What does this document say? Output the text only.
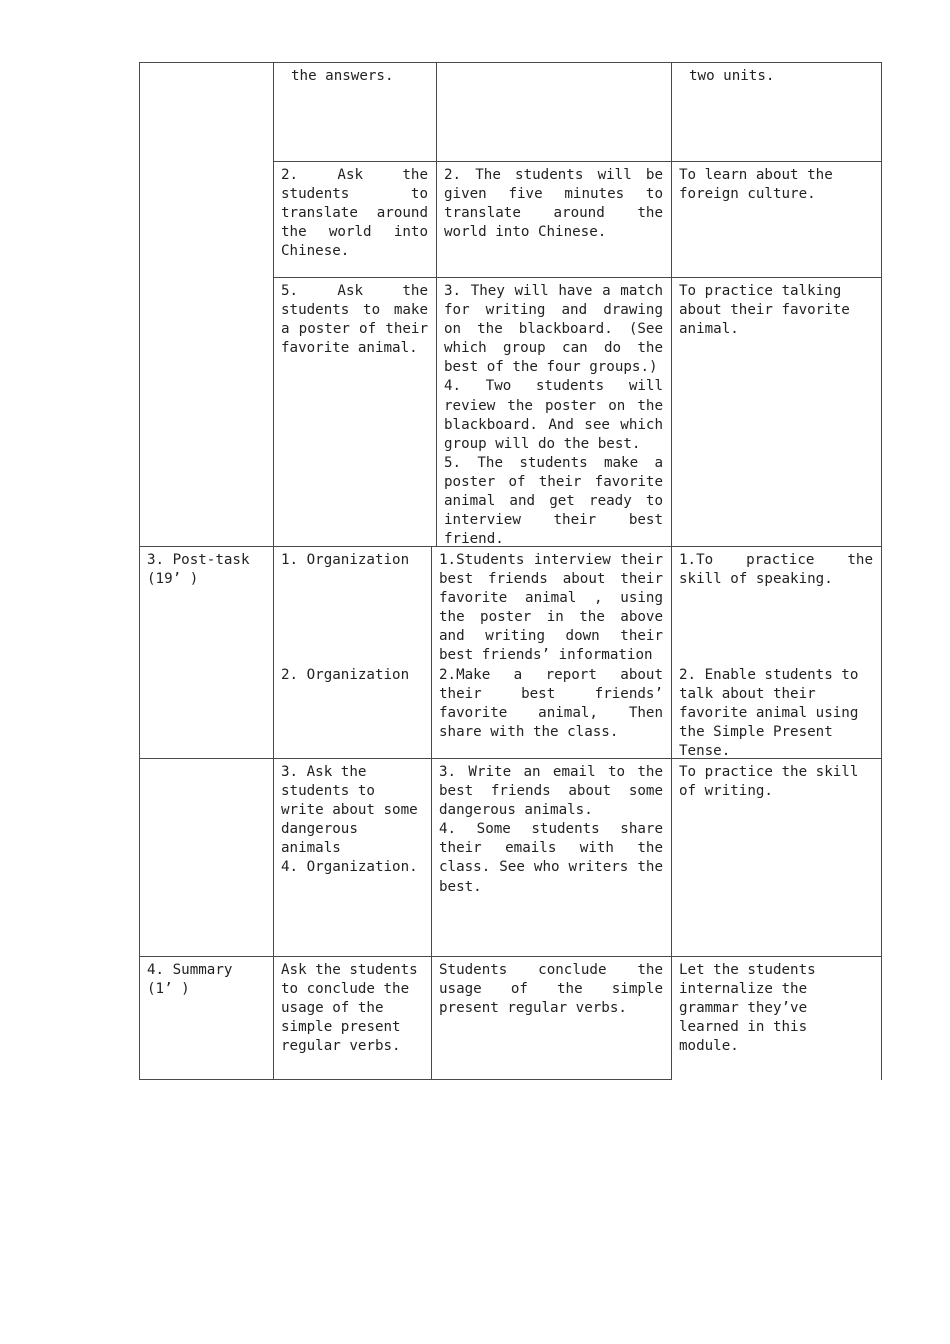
the answers.	two units.
2. Ask the students to translate around the world into Chinese.
2. The students will be given five minutes to translate around the world into Chinese.
To learn about the foreign culture.
5. Ask the students to make a poster of their favorite animal.
3. They will have a match for writing and drawing on the blackboard. (See which group can do the best of the four groups.)
4. Two students will review the poster on the blackboard. And see which group will do the best.
5. The students make a poster of their favorite animal and get ready to interview their best friend.
To practice talking about their favorite animal.
3. Post-task
(19’ )
1. Organization
2. Organization
1.Students interview their best friends about their favorite animal , using the poster in the above and writing down their best friends’ information
2.Make a report about their best friends’ favorite animal, Then share with the class.
1.To practice the skill of speaking.
2. Enable students to talk about their favorite animal using the Simple Present Tense.
3. Ask the students to write about some dangerous animals
4. Organization.
3. Write an email to the best friends about some dangerous animals.
4. Some students share their emails with the class. See who writers the best.
To practice the skill of writing.
4. Summary
(1’ )
Ask the students to conclude the usage of the simple present regular verbs.
Students conclude the usage of the simple present regular verbs.
Let the students internalize the grammar they’ve learned in this module.
